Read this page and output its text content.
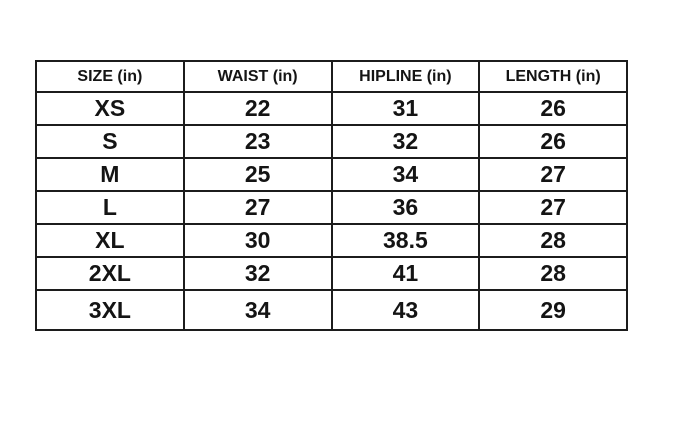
SIZE (in)	WAIST (in)	HIPLINE (in)	LENGTH (in)
XS	22	31	26
S	23	32	26
M	25	34	27
L	27	36	27
XL	30	38.5	28
2XL	32	41	28
3XL	34	43	29
